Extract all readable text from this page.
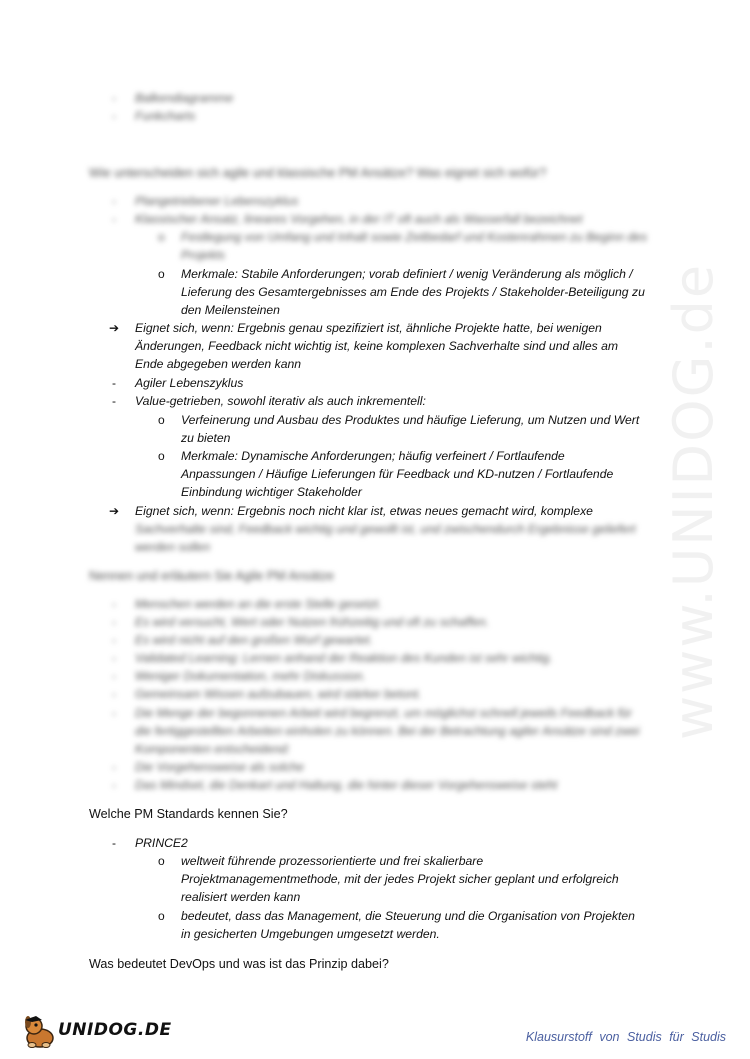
www.UNIDOG.de
- Balkendiagramme
- Funkcharts
Wie unterscheiden sich agile und klassische PM Ansätze? Was eignet sich wofür?
- Plangetriebener Lebenszyklus
- Klassischer Ansatz, lineares Vorgehen, in der IT oft auch als Wasserfall bezeichnet
o Festlegung von Umfang und Inhalt sowie Zeitbedarf und Kostenrahmen zu Beginn des
Projekts
o Merkmale: Stabile Anforderungen; vorab definiert / wenig Veränderung als möglich /
Lieferung des Gesamtergebnisses am Ende des Projekts / Stakeholder-Beteiligung zu
den Meilensteinen
➔ Eignet sich, wenn: Ergebnis genau spezifiziert ist, ähnliche Projekte hatte, bei wenigen
Änderungen, Feedback nicht wichtig ist, keine komplexen Sachverhalte sind und alles am
Ende abgegeben werden kann
- Agiler Lebenszyklus
- Value-getrieben, sowohl iterativ als auch inkrementell:
o Verfeinerung und Ausbau des Produktes und häufige Lieferung, um Nutzen und Wert
zu bieten
o Merkmale: Dynamische Anforderungen; häufig verfeinert / Fortlaufende
Anpassungen / Häufige Lieferungen für Feedback und KD-nutzen / Fortlaufende
Einbindung wichtiger Stakeholder
➔ Eignet sich, wenn: Ergebnis noch nicht klar ist, etwas neues gemacht wird, komplexe
Sachverhalte sind, Feedback wichtig und gewollt ist, und zwischendurch Ergebnisse geliefert
werden sollen
Nennen und erläutern Sie Agile PM Ansätze
- Menschen werden an die erste Stelle gesetzt.
- Es wird versucht, Wert oder Nutzen frühzeitig und oft zu schaffen.
- Es wird nicht auf den großen Wurf gewartet.
- Validated Learning: Lernen anhand der Reaktion des Kunden ist sehr wichtig.
- Weniger Dokumentation, mehr Diskussion.
- Gemeinsam Wissen aufzubauen, wird stärker betont.
- Die Menge der begonnenen Arbeit wird begrenzt, um möglichst schnell jeweils Feedback für
die fertiggestellten Arbeiten einholen zu können. Bei der Betrachtung agiler Ansätze sind zwei
Komponenten entscheidend:
- Die Vorgehensweise als solche
- Das Mindset, die Denkart und Haltung, die hinter dieser Vorgehensweise steht
Welche PM Standards kennen Sie?
- PRINCE2
o weltweit führende prozessorientierte und frei skalierbare
Projektmanagementmethode, mit der jedes Projekt sicher geplant und erfolgreich
realisiert werden kann
o bedeutet, dass das Management, die Steuerung und die Organisation von Projekten
in gesicherten Umgebungen umgesetzt werden.
Was bedeutet DevOps und was ist das Prinzip dabei?
UNIDOG.DE	Klausurstoff von Studis für Studis
